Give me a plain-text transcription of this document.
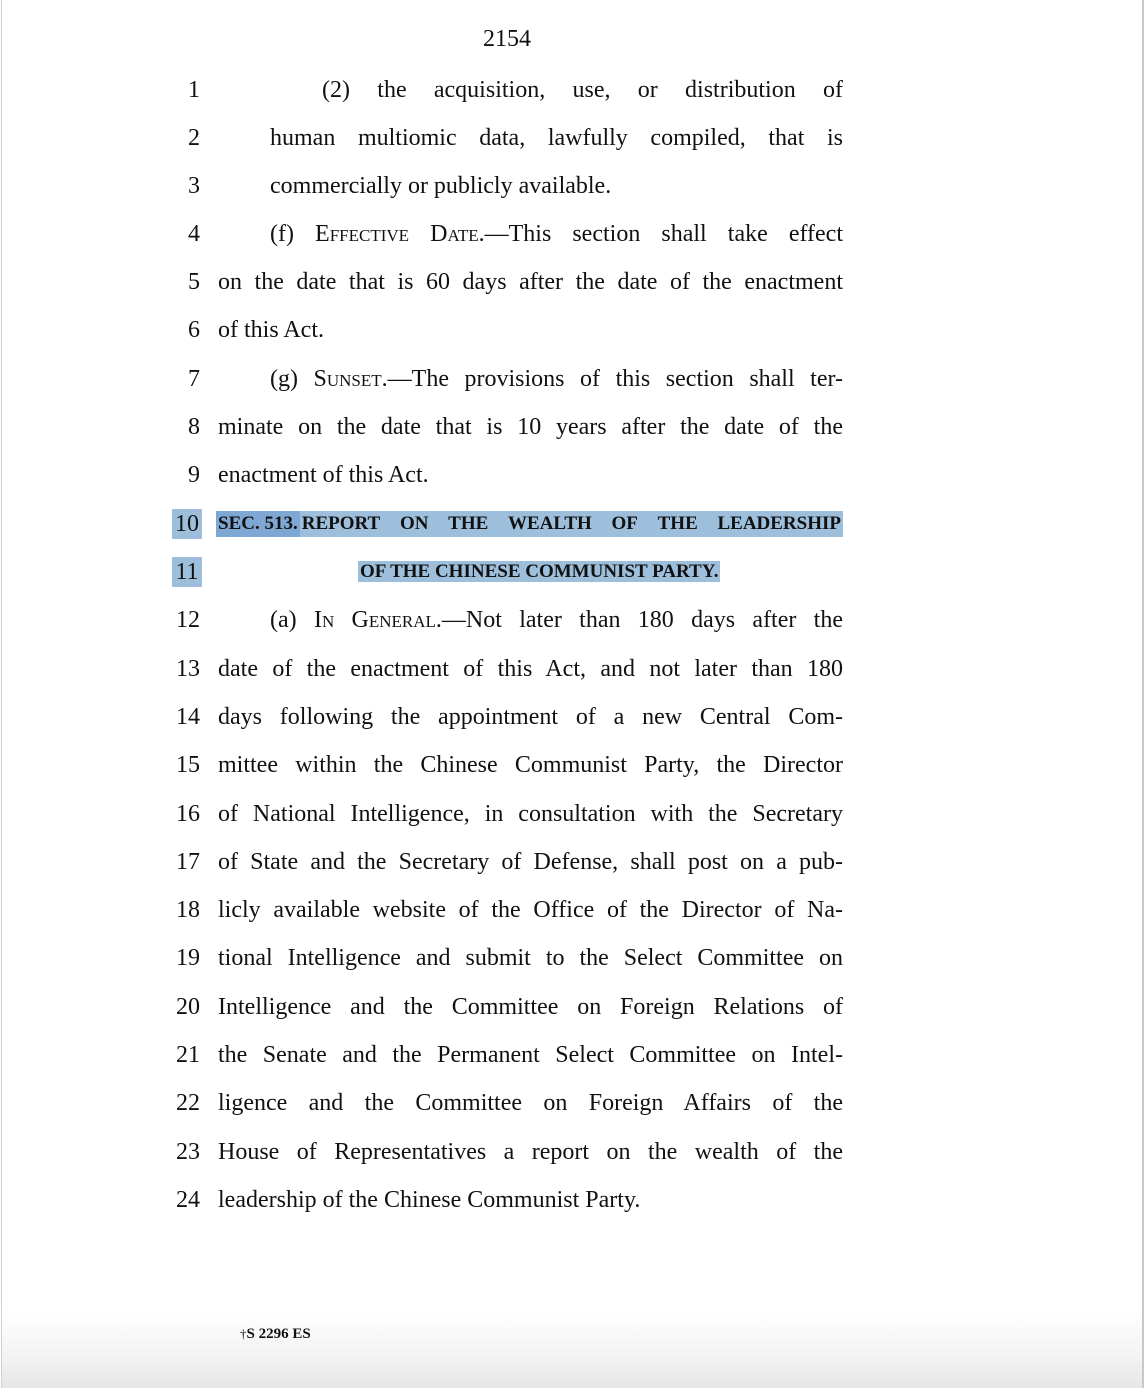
2154
1	(2) the acquisition, use, or distribution of
2	human multiomic data, lawfully compiled, that is
3	commercially or publicly available.
4	(f) Effective Date.—This section shall take effect
5 on the date that is 60 days after the date of the enactment
6 of this Act.
7	(g) Sunset.—The provisions of this section shall ter-
8 minate on the date that is 10 years after the date of the
9 enactment of this Act.
10 SEC. 513. REPORT ON THE WEALTH OF THE LEADERSHIP
11	OF THE CHINESE COMMUNIST PARTY.
12	(a) In General.—Not later than 180 days after the
13 date of the enactment of this Act, and not later than 180
14 days following the appointment of a new Central Com-
15 mittee within the Chinese Communist Party, the Director
16 of National Intelligence, in consultation with the Secretary
17 of State and the Secretary of Defense, shall post on a pub-
18 licly available website of the Office of the Director of Na-
19 tional Intelligence and submit to the Select Committee on
20 Intelligence and the Committee on Foreign Relations of
21 the Senate and the Permanent Select Committee on Intel-
22 ligence and the Committee on Foreign Affairs of the
23 House of Representatives a report on the wealth of the
24 leadership of the Chinese Communist Party.
†S 2296 ES
